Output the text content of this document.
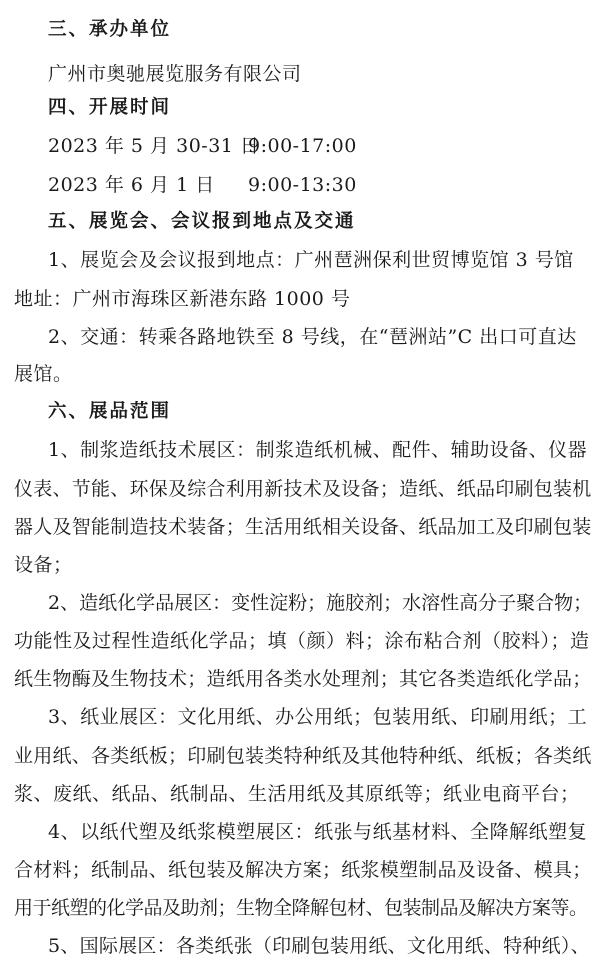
三、承办单位
广州市奥驰展览服务有限公司
四、开展时间
2023 年 5 月 30-31 日9:00-17:00
2023 年 6 月 1 日 9:00-13:30
五、展览会、会议报到地点及交通
1、展览会及会议报到地点：广州琶洲保利世贸博览馆 3 号馆
地址：广州市海珠区新港东路 1000 号
2、交通：转乘各路地铁至 8 号线，在“琶洲站”C 出口可直达
展馆。
六、展品范围
1、制浆造纸技术展区：制浆造纸机械、配件、辅助设备、仪器
仪表、节能、环保及综合利用新技术及设备；造纸、纸品印刷包装机
器人及智能制造技术装备；生活用纸相关设备、纸品加工及印刷包装
设备；
2、造纸化学品展区：变性淀粉；施胶剂；水溶性高分子聚合物；
功能性及过程性造纸化学品；填（颜）料；涂布粘合剂（胶料）；造
纸生物酶及生物技术；造纸用各类水处理剂；其它各类造纸化学品；
3、纸业展区：文化用纸、办公用纸；包装用纸、印刷用纸；工
业用纸、各类纸板；印刷包装类特种纸及其他特种纸、纸板；各类纸
浆、废纸、纸品、纸制品、生活用纸及其原纸等；纸业电商平台；
4、以纸代塑及纸浆模塑展区：纸张与纸基材料、全降解纸塑复
合材料；纸制品、纸包装及解决方案；纸浆模塑制品及设备、模具；
用于纸塑的化学品及助剂；生物全降解包材、包装制品及解决方案等。
5、国际展区：各类纸张（印刷包装用纸、文化用纸、特种纸）、
